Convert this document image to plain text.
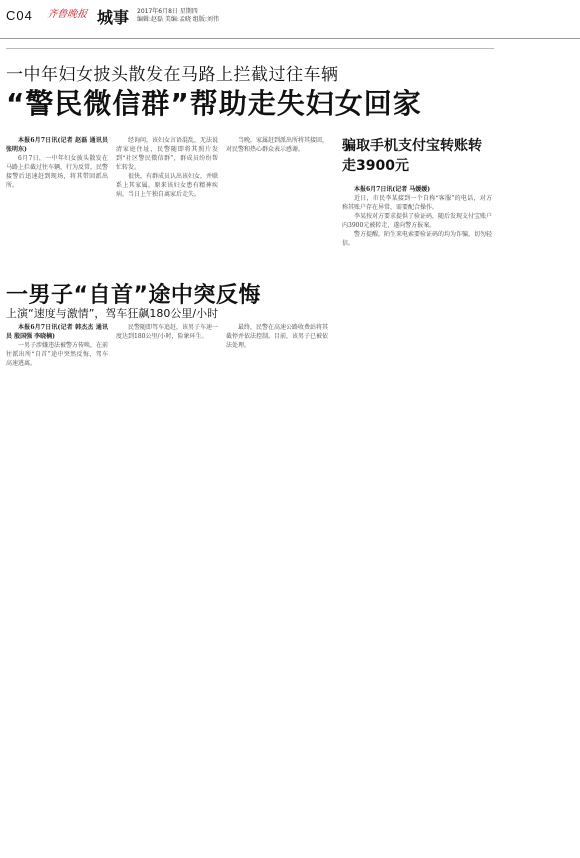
C04 齐鲁晚报 城事	2017年6月8日 星期四
编辑:赵磊 美编:孟晓 组版:刘伟
一中年妇女披头散发在马路上拦截过往车辆
“警民微信群”帮助走失妇女回家

本报6月7日讯(记者 赵磊 通讯员 张明东)

6月7日，一中年妇女披头散发在马路上拦截过往车辆，行为反常，民警接警后迅速赶到现场，将其带回派出所。

经询问，该妇女言语混乱，无法说清家庭住址，民警随即将其照片发到“社区警民微信群”，群成员纷纷帮忙转发。

很快，有群成员认出该妇女，并联系上其家属。原来该妇女患有精神疾病，当日上午独自离家后走失。

当晚，家属赶到派出所将其接回，对民警和热心群众表示感谢。	骗取手机支付宝转账转走3900元

本报6月7日讯(记者 马媛媛)

近日，市民李某接到一个自称“客服”的电话，对方称其账户存在异常，需要配合操作。

李某按对方要求提供了验证码，随后发现支付宝账户内3900元被转走，遂向警方报案。

警方提醒，陌生来电索要验证码的均为诈骗，切勿轻信。

一男子“自首”途中突反悔
上演“速度与激情”，驾车狂飙180公里/小时

本报6月7日讯(记者 韩杰杰 通讯员 殷国强 李晓楠)

一男子涉嫌违法被警方传唤，在前往派出所“自首”途中突然反悔，驾车高速逃离。

民警随即驾车追赶，该男子车速一度达到180公里/小时，险象环生。

最终，民警在高速公路收费站将其截停并依法控制。目前，该男子已被依法处理。
